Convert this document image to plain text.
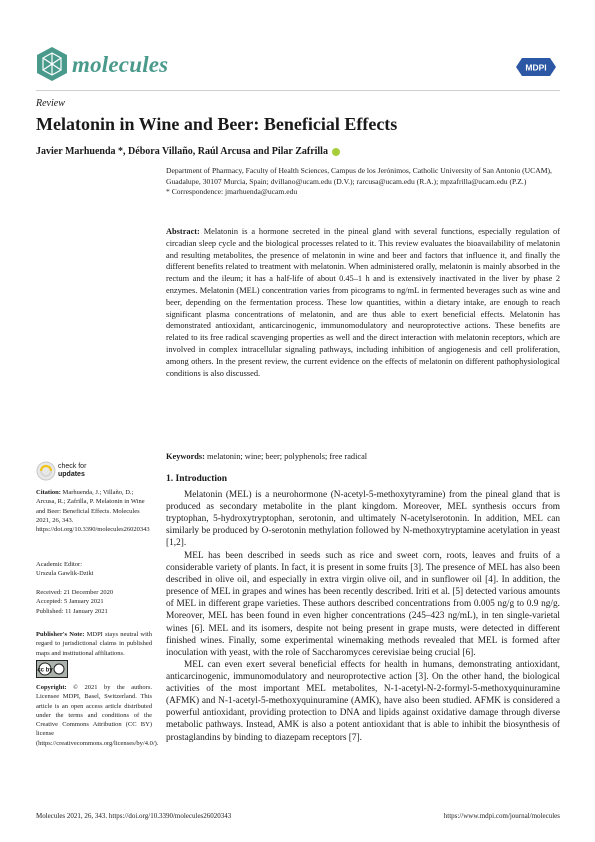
molecules	MDPI
Review
Melatonin in Wine and Beer: Beneficial Effects
Javier Marhuenda *, Débora Villaño, Raúl Arcusa and Pilar Zafrilla
Department of Pharmacy, Faculty of Health Sciences, Campus de los Jerónimos, Catholic University of San Antonio (UCAM), Guadalupe, 30107 Murcia, Spain; dvillano@ucam.edu (D.V.); rarcusa@ucam.edu (R.A.); mpzafrilla@ucam.edu (P.Z.)
* Correspondence: jmarhuenda@ucam.edu
Abstract: Melatonin is a hormone secreted in the pineal gland with several functions, especially regulation of circadian sleep cycle and the biological processes related to it. This review evaluates the bioavailability of melatonin and resulting metabolites, the presence of melatonin in wine and beer and factors that influence it, and finally the different benefits related to treatment with melatonin. When administered orally, melatonin is mainly absorbed in the rectum and the ileum; it has a half-life of about 0.45–1 h and is extensively inactivated in the liver by phase 2 enzymes. Melatonin (MEL) concentration varies from picograms to ng/mL in fermented beverages such as wine and beer, depending on the fermentation process. These low quantities, within a dietary intake, are enough to reach significant plasma concentrations of melatonin, and are thus able to exert beneficial effects. Melatonin has demonstrated antioxidant, anticarcinogenic, immunomodulatory and neuroprotective actions. These benefits are related to its free radical scavenging properties as well and the direct interaction with melatonin receptors, which are involved in complex intracellular signaling pathways, including inhibition of angiogenesis and cell proliferation, among others. In the present review, the current evidence on the effects of melatonin on different pathophysiological conditions is also discussed.
Keywords: melatonin; wine; beer; polyphenols; free radical
check for
updates
Citation: Marhuenda, J.; Villaño, D.; Arcusa, R.; Zafrilla, P. Melatonin in Wine and Beer: Beneficial Effects. Molecules 2021, 26, 343. https://doi.org/10.3390/molecules26020343
Academic Editor:
Urszula Gawlik-Dziki
Received: 21 December 2020
Accepted: 5 January 2021
Published: 11 January 2021
Publisher's Note: MDPI stays neutral with regard to jurisdictional claims in published maps and institutional affiliations.
cc by
Copyright: © 2021 by the authors. Licensee MDPI, Basel, Switzerland. This article is an open access article distributed under the terms and conditions of the Creative Commons Attribution (CC BY) license (https://creativecommons.org/licenses/by/4.0/).
1. Introduction
Melatonin (MEL) is a neurohormone (N-acetyl-5-methoxytyramine) from the pineal gland that is produced as secondary metabolite in the plant kingdom. Moreover, MEL synthesis occurs from tryptophan, 5-hydroxytryptophan, serotonin, and ultimately N-acetylserotonin. In addition, MEL can similarly be produced by O-serotonin methylation followed by N-methoxytryptamine acetylation in yeast [1,2].
MEL has been described in seeds such as rice and sweet corn, roots, leaves and fruits of a considerable variety of plants. In fact, it is present in some fruits [3]. The presence of MEL has also been described in olive oil, and especially in extra virgin olive oil, and in sunflower oil [4]. In addition, the presence of MEL in grapes and wines has been recently described. Iriti et al. [5] detected various amounts of MEL in different grape varieties. These authors described concentrations from 0.005 ng/g to 0.9 ng/g. Moreover, MEL has been found in even higher concentrations (245–423 ng/mL), in ten single-varietal wines [6]. MEL and its isomers, despite not being present in grape musts, were detected in different finished wines. Finally, some experimental winemaking methods revealed that MEL is formed after inoculation with yeast, with the role of Saccharomyces cerevisiae being crucial [6].
MEL can even exert several beneficial effects for health in humans, demonstrating antioxidant, anticarcinogenic, immunomodulatory and neuroprotective action [3]. On the other hand, the biological activities of the most important MEL metabolites, N-1-acetyl-N-2-formyl-5-methoxyquinuramine (AFMK) and N-1-acetyl-5-methoxyquinuramine (AMK), have also been studied. AFMK is considered a powerful antioxidant, providing protection to DNA and lipids against oxidative damage through diverse metabolic pathways. Instead, AMK is also a potent antioxidant that is able to inhibit the biosynthesis of prostaglandins by binding to diazepam receptors [7].
Molecules 2021, 26, 343. https://doi.org/10.3390/molecules26020343	https://www.mdpi.com/journal/molecules
